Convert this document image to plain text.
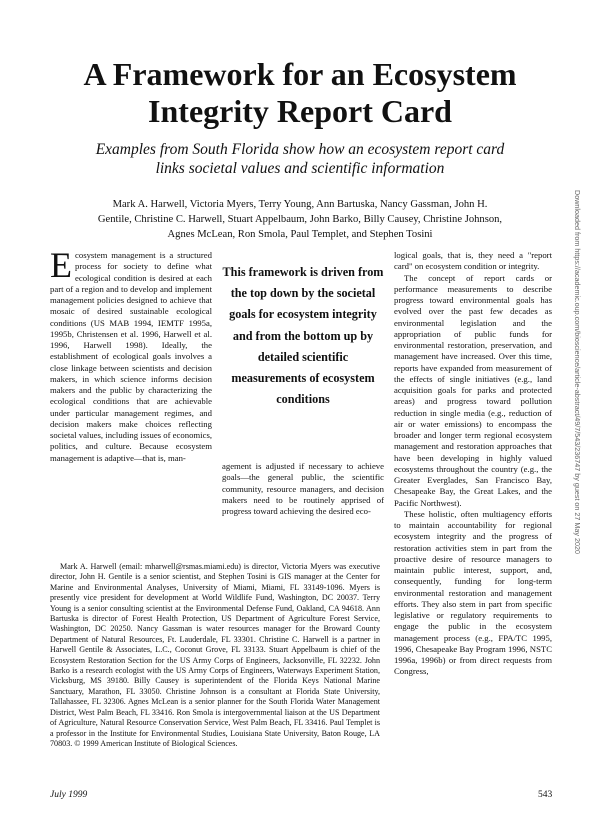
A Framework for an Ecosystem
Integrity Report Card
Examples from South Florida show how an ecosystem report card
links societal values and scientific information
Mark A. Harwell, Victoria Myers, Terry Young, Ann Bartuska, Nancy Gassman, John H.
Gentile, Christine C. Harwell, Stuart Appelbaum, John Barko, Billy Causey, Christine Johnson,
Agnes McLean, Ron Smola, Paul Templet, and Stephen Tosini

Ecosystem management is a structured process for society to define what ecological condition is desired at each part of a region and to develop and implement management policies designed to achieve that mosaic of desired sustainable ecological conditions (US MAB 1994, IEMTF 1995a, 1995b, Christensen et al. 1996, Harwell et al. 1996, Harwell 1998). Ideally, the establishment of ecological goals involves a close linkage between scientists and decision makers, in which science informs decision makers and the public by characterizing the ecological conditions that are achievable under particular management regimes, and decision makers make choices reflecting societal values, including issues of economics, politics, and culture. Because ecosystem management is adaptive—that is, man-

This framework is driven from the top down by the societal goals for ecosystem integrity and from the bottom up by detailed scientific measurements of ecosystem conditions

agement is adjusted if necessary to achieve goals—the general public, the scientific community, resource managers, and decision makers need to be routinely apprised of progress toward achieving the desired eco-

logical goals, that is, they need a "report card" on ecosystem condition or integrity.

The concept of report cards or performance measurements to describe progress toward environmental goals has evolved over the past few decades as environmental legislation and the appropriation of public funds for environmental restoration, preservation, and management have increased. Over this time, reports have expanded from measurement of the effects of single initiatives (e.g., land acquisition goals for parks and protected areas) and progress toward pollution reduction in single media (e.g., reduction of air or water emissions) to encompass the broader and longer term regional ecosystem management and restoration approaches that have been developing in highly valued ecosystems throughout the country (e.g., the Greater Everglades, San Francisco Bay, Chesapeake Bay, the Great Lakes, and the Pacific Northwest).

These holistic, often multiagency efforts to maintain accountability for regional ecosystem integrity and the progress of restoration activities stem in part from the proactive desire of resource managers to maintain public interest, support, and, consequently, funding for long-term environmental restoration and management efforts. They also stem in part from specific legislative or regulatory requirements to engage the public in the ecosystem management process (e.g., FPA/TC 1995, 1996, Chesapeake Bay Program 1996, NSTC 1996a, 1996b) or from direct requests from Congress,

Mark A. Harwell (email: mharwell@rsmas.miami.edu) is director, Victoria Myers was executive director, John H. Gentile is a senior scientist, and Stephen Tosini is GIS manager at the Center for Marine and Environmental Analyses, University of Miami, Miami, FL 33149-1096. Myers is presently vice president for development at World Wildlife Fund, Washington, DC 20037. Terry Young is a senior consulting scientist at the Environmental Defense Fund, Oakland, CA 94618. Ann Bartuska is director of Forest Health Protection, US Department of Agriculture Forest Service, Washington, DC 20250. Nancy Gassman is water resources manager for the Broward County Department of Natural Resources, Ft. Lauderdale, FL 33301. Christine C. Harwell is a partner in Harwell Gentile & Associates, L.C., Coconut Grove, FL 33133. Stuart Appelbaum is chief of the Ecosystem Restoration Section for the US Army Corps of Engineers, Jacksonville, FL 32232. John Barko is a research ecologist with the US Army Corps of Engineers, Waterways Experiment Station, Vicksburg, MS 39180. Billy Causey is superintendent of the Florida Keys National Marine Sanctuary, Marathon, FL 33050. Christine Johnson is a consultant at Florida State University, Tallahassee, FL 32306. Agnes McLean is a senior planner for the South Florida Water Management District, West Palm Beach, FL 33416. Ron Smola is intergovernmental liaison at the US Department of Agriculture, Natural Resource Conservation Service, West Palm Beach, FL 33416. Paul Templet is a professor in the Institute for Environmental Studies, Louisiana State University, Baton Rouge, LA 70803. © 1999 American Institute of Biological Sciences.

July 1999	543
Downloaded from https://academic.oup.com/bioscience/article-abstract/49/7/543/236747 by guest on 27 May 2020
